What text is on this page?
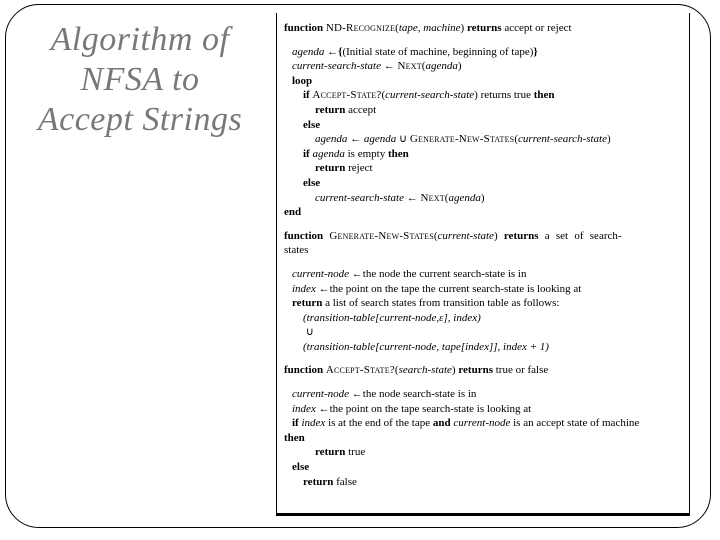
Algorithm of
NFSA to
Accept Strings
function ND-Recognize(tape, machine) returns accept or reject
agenda ←{(Initial state of machine, beginning of tape)}
current-search-state ← Next(agenda)
loop
if Accept-State?(current-search-state) returns true then
return accept
else
agenda ← agenda ∪ Generate-New-States(current-search-state)
if agenda is empty then
return reject
else
current-search-state ← Next(agenda)
end
function Generate-New-States(current-state) returns a set of search-
states
current-node ←the node the current search-state is in
index ←the point on the tape the current search-state is looking at
return a list of search states from transition table as follows:
(transition-table[current-node,ε], index)
∪
(transition-table[current-node, tape[index]], index + 1)
function Accept-State?(search-state) returns true or false
current-node ←the node search-state is in
index ←the point on the tape search-state is looking at
if index is at the end of the tape and current-node is an accept state of machine
then
return true
else
return false
